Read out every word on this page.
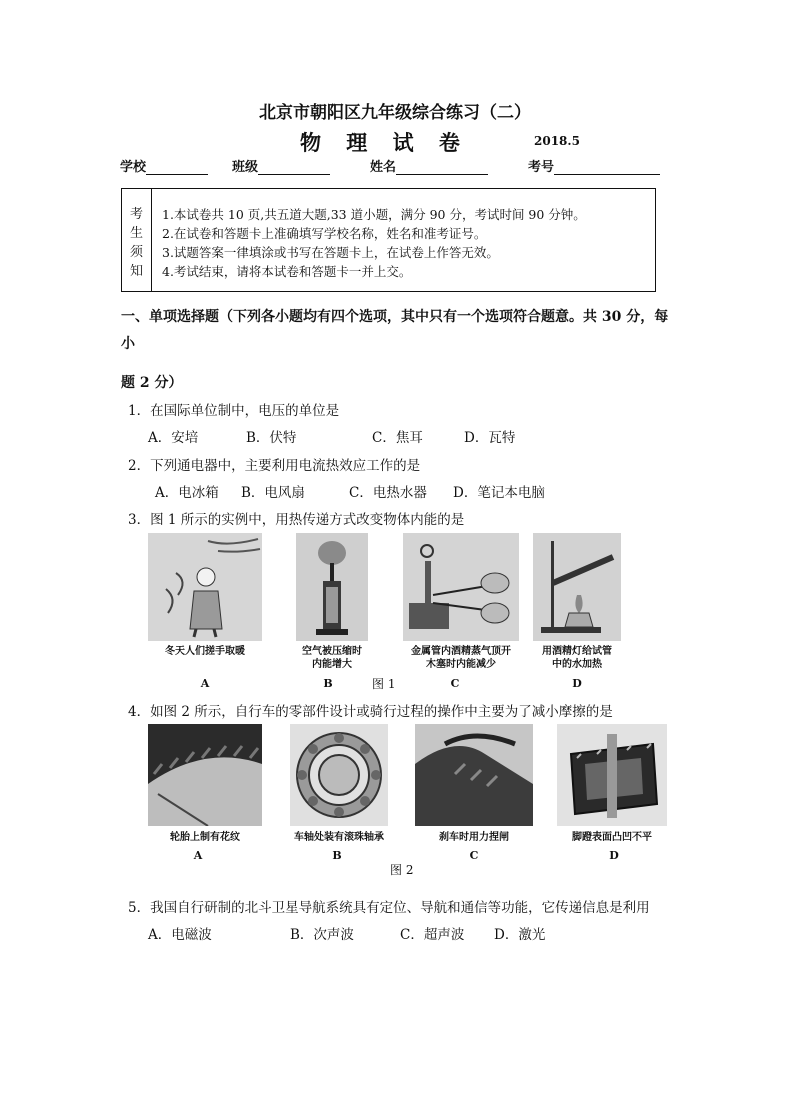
北京市朝阳区九年级综合练习（二）
物 理 试 卷	2018.5
学校	班级	姓名	考号
考
生
须
知
1.本试卷共 10 页,共五道大题,33 道小题，满分 90 分，考试时间 90 分钟。
2.在试卷和答题卡上准确填写学校名称，姓名和准考证号。
3.试题答案一律填涂或书写在答题卡上，在试卷上作答无效。
4.考试结束，请将本试卷和答题卡一并上交。
一、单项选择题（下列各小题均有四个选项，其中只有一个选项符合题意。共 30 分，每
小
题 2 分）
1．在国际单位制中，电压的单位是
A．安培	B．伏特	C．焦耳	D．瓦特
2．下列通电器中，主要利用电流热效应工作的是
A．电冰箱 B．电风扇	C．电热水器 D．笔记本电脑
3．图 1 所示的实例中，用热传递方式改变物体内能的是
冬天人们搓手取暖	空气被压缩时
内能增大
金属管内酒精蒸气顶开
木塞时内能减少
用酒精灯给试管
中的水加热
A	B	图 1	C	D
4．如图 2 所示，自行车的零部件设计或骑行过程的操作中主要为了减小摩擦的是
轮胎上制有花纹	车轴处装有滚珠轴承	刹车时用力捏闸	脚蹬表面凸凹不平
A	B	C	D
图 2
5．我国自行研制的北斗卫星导航系统具有定位、导航和通信等功能，它传递信息是利用
A．电磁波	B．次声波	C．超声波 D．激光
